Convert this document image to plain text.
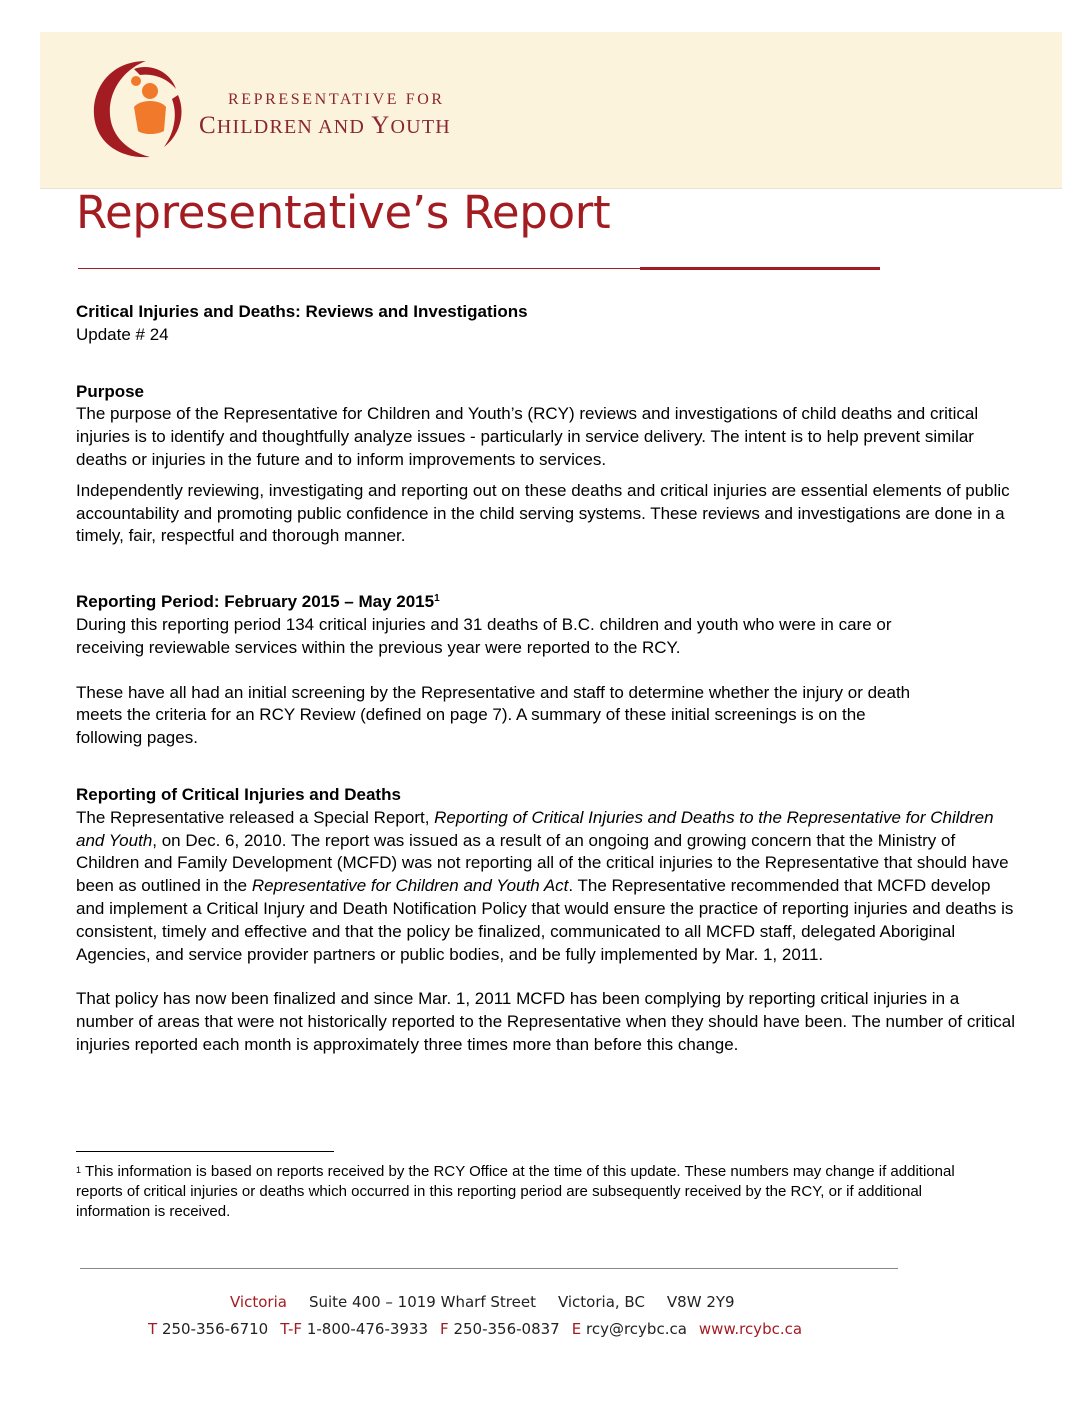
REPRESENTATIVE FOR
CHILDREN AND YOUTH
Representative’s Report

Critical Injuries and Deaths: Reviews and Investigations

Update # 24

Purpose

The purpose of the Representative for Children and Youth’s (RCY) reviews and investigations of child deaths and critical injuries is to identify and thoughtfully analyze issues - particularly in service delivery. The intent is to help prevent similar deaths or injuries in the future and to inform improvements to services.

Independently reviewing, investigating and reporting out on these deaths and critical injuries are essential elements of public accountability and promoting public confidence in the child serving systems. These reviews and investigations are done in a timely, fair, respectful and thorough manner.

Reporting Period: February 2015 – May 2015$^1$

During this reporting period 134 critical injuries and 31 deaths of B.C. children and youth who were in care or receiving reviewable services within the previous year were reported to the RCY.

These have all had an initial screening by the Representative and staff to determine whether the injury or death meets the criteria for an RCY Review (defined on page 7). A summary of these initial screenings is on the following pages.

Reporting of Critical Injuries and Deaths

The Representative released a Special Report, Reporting of Critical Injuries and Deaths to the Representative for Children and Youth, on Dec. 6, 2010. The report was issued as a result of an ongoing and growing concern that the Ministry of Children and Family Development (MCFD) was not reporting all of the critical injuries to the Representative that should have been as outlined in the Representative for Children and Youth Act. The Representative recommended that MCFD develop and implement a Critical Injury and Death Notification Policy that would ensure the practice of reporting injuries and deaths is consistent, timely and effective and that the policy be finalized, communicated to all MCFD staff, delegated Aboriginal Agencies, and service provider partners or public bodies, and be fully implemented by Mar. 1, 2011.

That policy has now been finalized and since Mar. 1, 2011 MCFD has been complying by reporting critical injuries in a number of areas that were not historically reported to the Representative when they should have been. The number of critical injuries reported each month is approximately three times more than before this change.

$^1$ This information is based on reports received by the RCY Office at the time of this update. These numbers may change if additional reports of critical injuries or deaths which occurred in this reporting period are subsequently received by the RCY, or if additional information is received.
Victoria Suite 400 – 1019 Wharf Street Victoria, BC V8W 2Y9
T 250-356-6710 T-F 1-800-476-3933 F 250-356-0837 E rcy@rcybc.ca www.rcybc.ca
